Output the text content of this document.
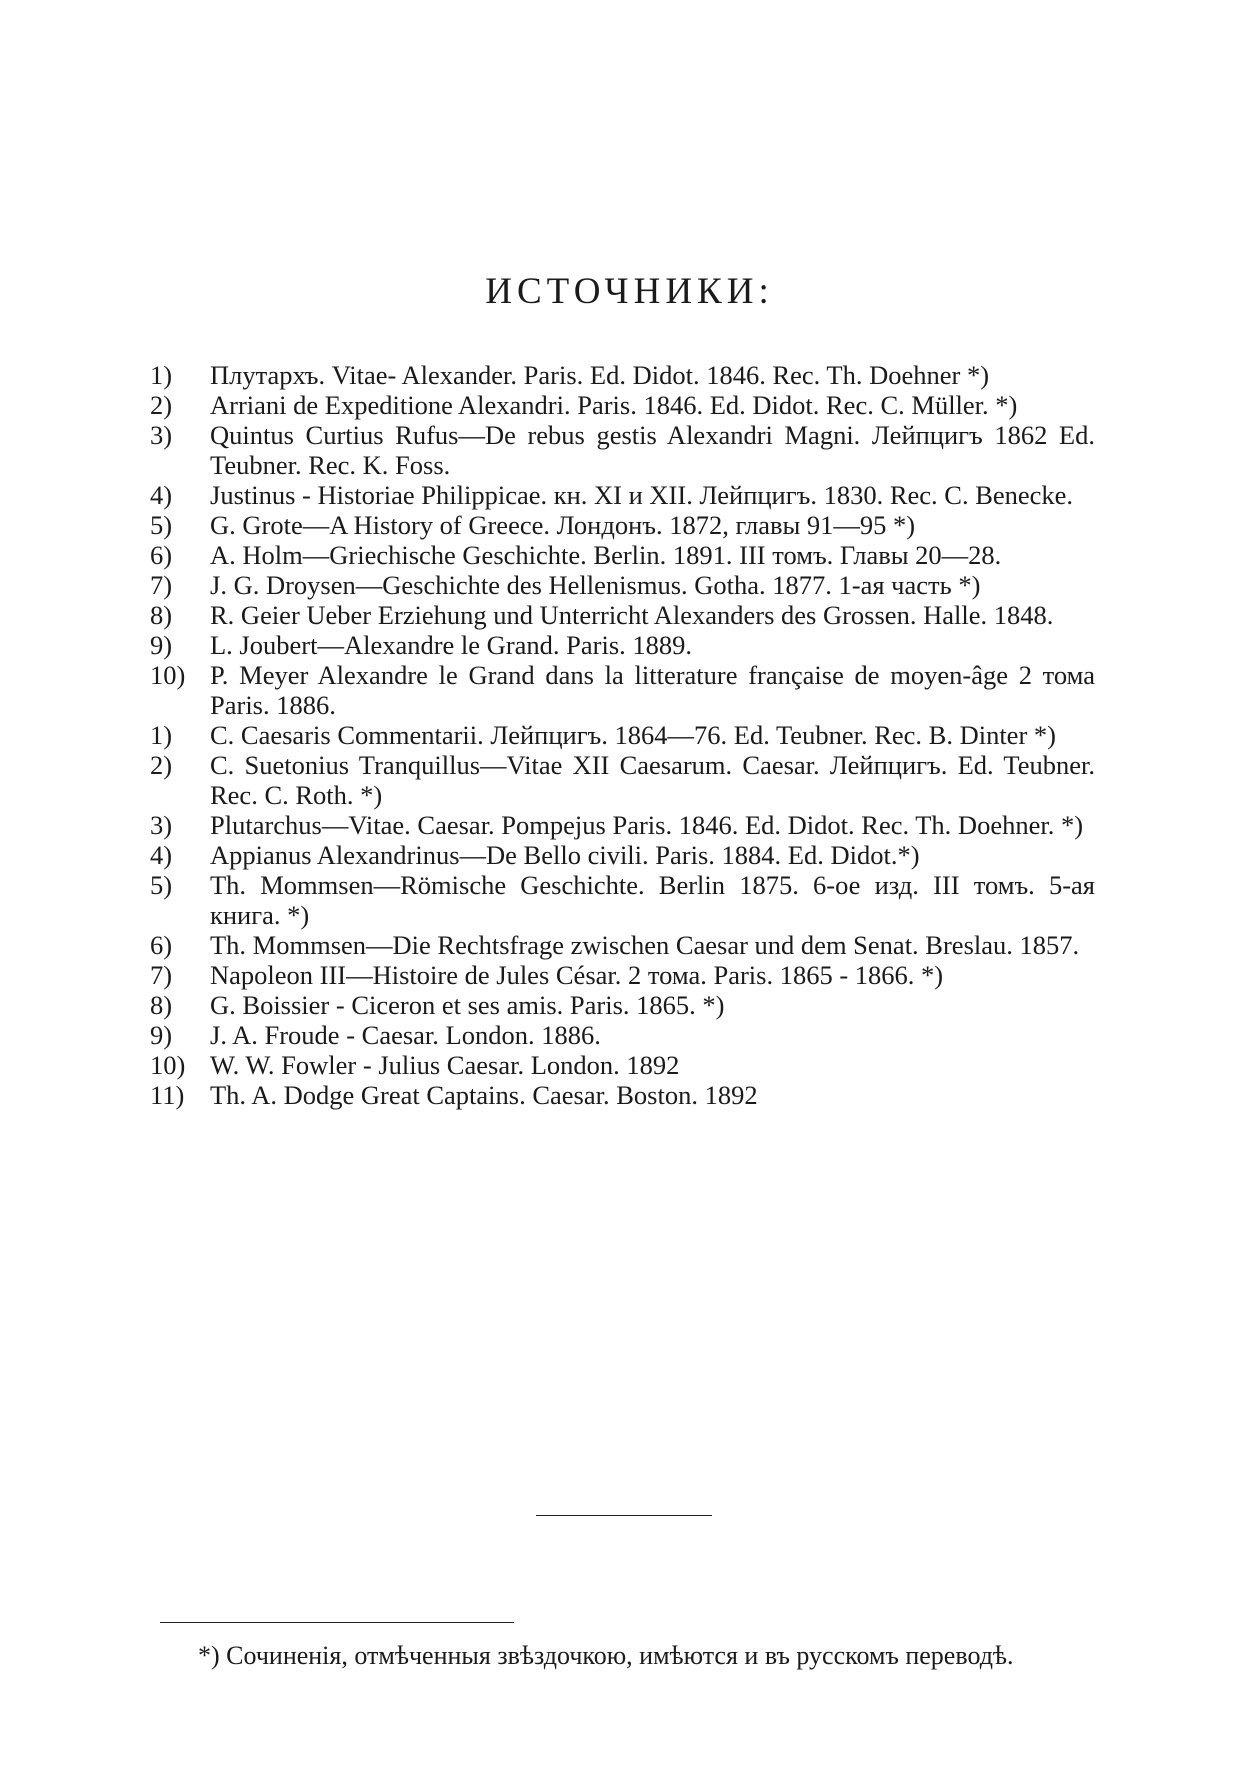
ИСТОЧНИКИ:
1)	Плутархъ. Vitae- Alexander. Paris. Ed. Didot. 1846. Rec. Th. Doehner *)
2)	Arriani de Expeditione Alexandri. Paris. 1846. Ed. Didot. Rec. C. Müller. *)
3)	Quintus Curtius Rufus—De rebus gestis Alexandri Magni. Лейпцигъ 1862 Ed. Teubner. Rec. K. Foss.
4)	Justinus - Historiae Philippicae. кн. XI и XII. Лейпцигъ. 1830. Rec. C. Benecke.
5)	G. Grote—A History of Greece. Лондонъ. 1872, главы 91—95 *)
6)	A. Holm—Griechische Geschichte. Berlin. 1891. III томъ. Главы 20—28.
7)	J. G. Droysen—Geschichte des Hellenismus. Gotha. 1877. 1-ая часть *)
8)	R. Geier Ueber Erziehung und Unterricht Alexanders des Grossen. Halle. 1848.
9)	L. Joubert—Alexandre le Grand. Paris. 1889.
10) P. Meyer Alexandre le Grand dans la litterature française de moyen-âge 2 тома Paris. 1886.
1)	C. Caesaris Commentarii. Лейпцигъ. 1864—76. Ed. Teubner. Rec. B. Dinter *)
2)	C. Suetonius Tranquillus—Vitae XII Caesarum. Caesar. Лейпцигъ. Ed. Teubner. Rec. C. Roth. *)
3)	Plutarchus—Vitae. Caesar. Pompejus Paris. 1846. Ed. Didot. Rec. Th. Doehner. *)
4)	Appianus Alexandrinus—De Bello civili. Paris. 1884. Ed. Didot.*)
5)	Th. Mommsen—Römische Geschichte. Berlin 1875. 6-ое изд. III томъ. 5-ая книга. *)
6)	Th. Mommsen—Die Rechtsfrage zwischen Caesar und dem Senat. Breslau. 1857.
7)	Napoleon III—Histoire de Jules César. 2 тома. Paris. 1865 - 1866. *)
8)	G. Boissier - Ciceron et ses amis. Paris. 1865. *)
9)	J. A. Froude - Caesar. London. 1886.
10) W. W. Fowler - Julius Caesar. London. 1892
11) Th. A. Dodge Great Captains. Caesar. Boston. 1892

*) Сочиненія, отмѣченныя звѣздочкою, имѣются и въ русскомъ переводѣ.
